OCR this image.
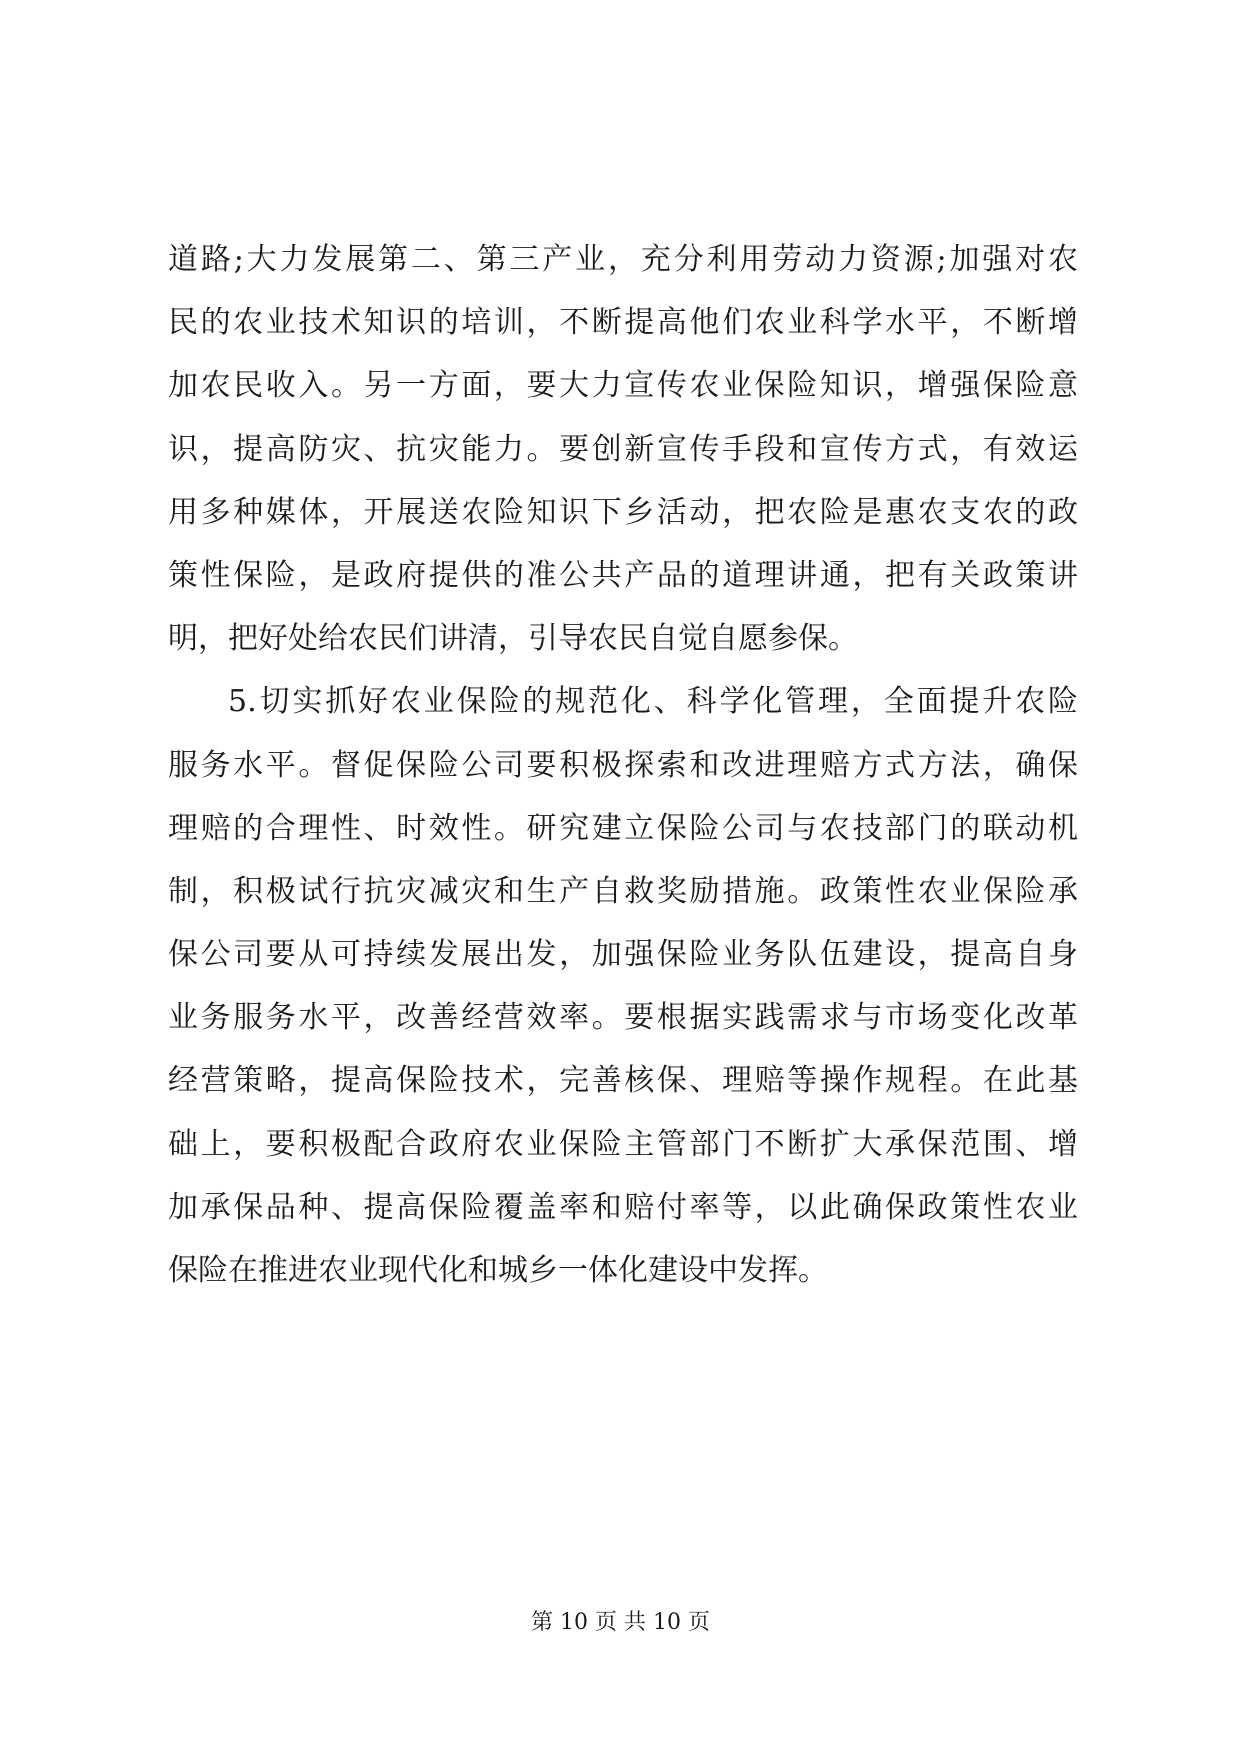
道路;大力发展第二、第三产业，充分利用劳动力资源;加强对农
民的农业技术知识的培训，不断提高他们农业科学水平，不断增
加农民收入。另一方面，要大力宣传农业保险知识，增强保险意
识，提高防灾、抗灾能力。要创新宣传手段和宣传方式，有效运
用多种媒体，开展送农险知识下乡活动，把农险是惠农支农的政
策性保险，是政府提供的准公共产品的道理讲通，把有关政策讲
明，把好处给农民们讲清，引导农民自觉自愿参保。
5.切实抓好农业保险的规范化、科学化管理，全面提升农险
服务水平。督促保险公司要积极探索和改进理赔方式方法，确保
理赔的合理性、时效性。研究建立保险公司与农技部门的联动机
制，积极试行抗灾减灾和生产自救奖励措施。政策性农业保险承
保公司要从可持续发展出发，加强保险业务队伍建设，提高自身
业务服务水平，改善经营效率。要根据实践需求与市场变化改革
经营策略，提高保险技术，完善核保、理赔等操作规程。在此基
础上，要积极配合政府农业保险主管部门不断扩大承保范围、增
加承保品种、提高保险覆盖率和赔付率等，以此确保政策性农业
保险在推进农业现代化和城乡一体化建设中发挥。
第 10 页 共 10 页
